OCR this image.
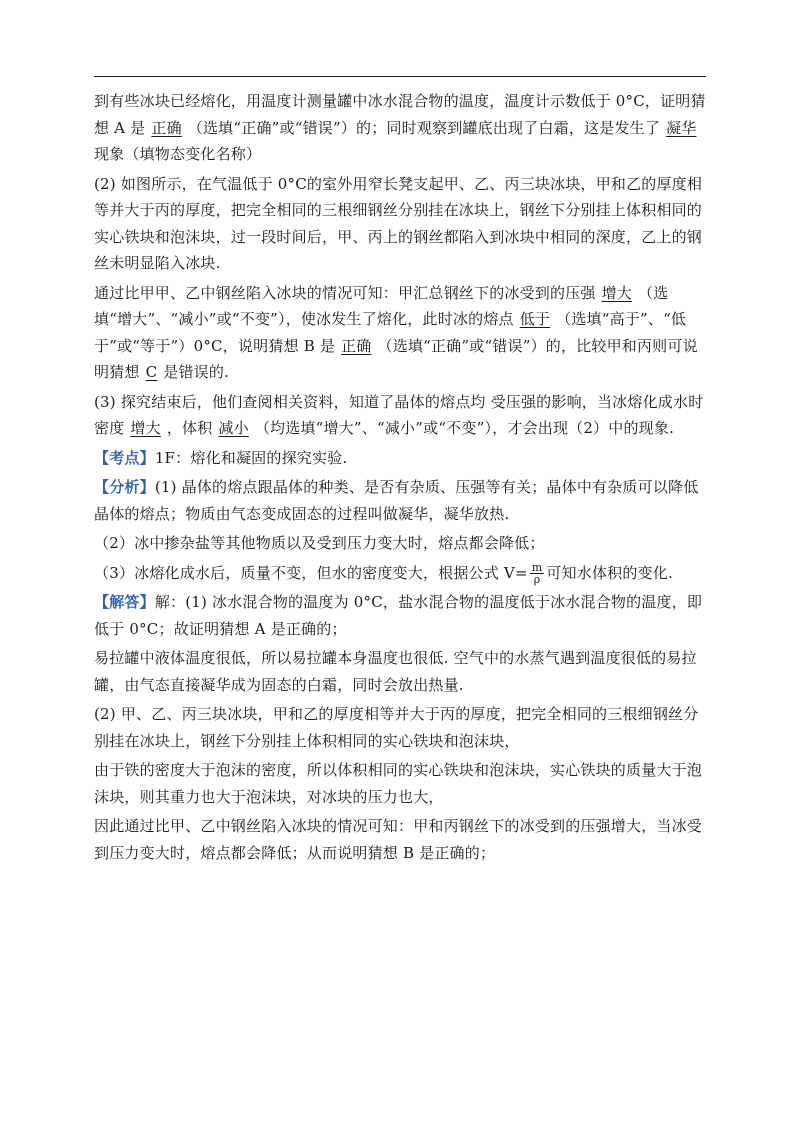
到有些冰块已经熔化，用温度计测量罐中冰水混合物的温度，温度计示数低于 0°C，证明猜想 A 是 正确 （选填“正确”或“错误”）的；同时观察到罐底出现了白霜，这是发生了 凝华现象（填物态变化名称）

(2) 如图所示，在气温低于 0°C的室外用窄长凳支起甲、乙、丙三块冰块，甲和乙的厚度相等并大于丙的厚度，把完全相同的三根细钢丝分别挂在冰块上，钢丝下分别挂上体积相同的实心铁块和泡沫块，过一段时间后，甲、丙上的钢丝都陷入到冰块中相同的深度，乙上的钢丝未明显陷入冰块.

通过比甲甲、乙中钢丝陷入冰块的情况可知：甲汇总钢丝下的冰受到的压强 增大 （选填“增大”、“减小”或“不变”），使冰发生了熔化，此时冰的熔点 低于 （选填“高于”、“低于”或“等于”）0°C，说明猜想 B 是 正确 （选填“正确”或“错误”）的，比较甲和丙则可说明猜想 C 是错误的.

(3) 探究结束后，他们查阅相关资料，知道了晶体的熔点均 受压强的影响，当冰熔化成水时密度 增大 ，体积 减小 （均选填“增大”、“减小”或“不变”），才会出现（2）中的现象.

【考点】1F：熔化和凝固的探究实验.

【分析】(1) 晶体的熔点跟晶体的种类、是否有杂质、压强等有关；晶体中有杂质可以降低晶体的熔点；物质由气态变成固态的过程叫做凝华，凝华放热.

（2）冰中掺杂盐等其他物质以及受到压力变大时，熔点都会降低；

（3）冰熔化成水后，质量不变，但水的密度变大，根据公式 $V= \frac{m}{\rho}$ 可知水体积的变化.

【解答】解：(1) 冰水混合物的温度为 0°C，盐水混合物的温度低于冰水混合物的温度，即低于 0°C；故证明猜想 A 是正确的；

易拉罐中液体温度很低，所以易拉罐本身温度也很低. 空气中的水蒸气遇到温度很低的易拉罐，由气态直接凝华成为固态的白霜，同时会放出热量.

(2) 甲、乙、丙三块冰块，甲和乙的厚度相等并大于丙的厚度，把完全相同的三根细钢丝分别挂在冰块上，钢丝下分别挂上体积相同的实心铁块和泡沫块，

由于铁的密度大于泡沫的密度，所以体积相同的实心铁块和泡沫块，实心铁块的质量大于泡沫块，则其重力也大于泡沫块，对冰块的压力也大，

因此通过比甲、乙中钢丝陷入冰块的情况可知：甲和丙钢丝下的冰受到的压强增大，当冰受到压力变大时，熔点都会降低；从而说明猜想 B 是正确的；
